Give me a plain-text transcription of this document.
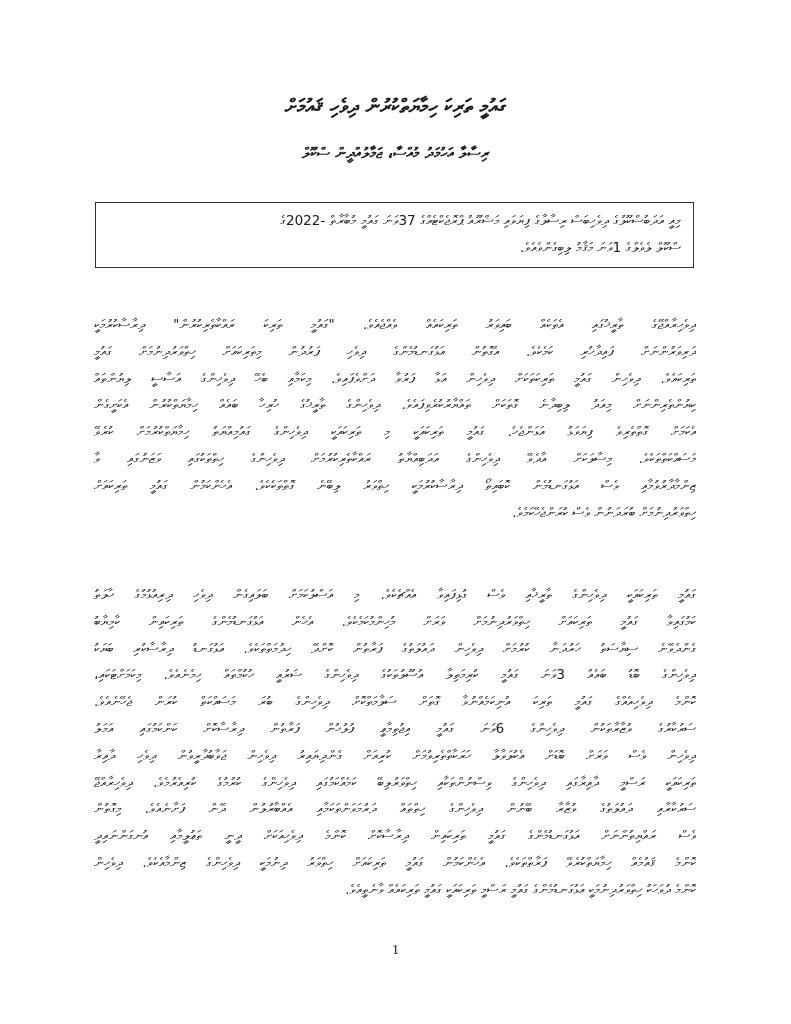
ގައުމީ ތަރިކަ ހިމާޔަތްކުރުން ދިވެހި ޤައުމަށް
ރިސާލާ އަހުމަދު މުއްސާ، ޖަމާލުއްދީން ސްކޫލް
މިއީ އަދަބުސްކޫލުގެ ދިވެހިބަސް ރިސާލާގެ ފިޔަވައި މަޝްރޫއު ޕްރޮޖެކްޓެއްގެ 37ވަނަ ގައުމީ މުބާރާތް -2022ގެ
ސްކޫލް ލެވެލްގެ 1ވަނަ މަޤާމު ލިބިގެންވެއެވެ.
ދިވެހިރާއްޖޭގެ ތާރީޚުގައި އެތަކެއް ބައިވަރު ތަރިކައެއް ވެއްޖެއެވެ. "ގައުމީ ތަރިކަ ރައްކާތެރިކުރުން" ދިރާސާކުރުމަކީ
ދަރިވަރުންނަށް ފައިދާހުރި ކަމެކެވެ. އެގޮތުން އަޅުގަނޑުމެންގެ ދިވެހި ފަރުދުން މިތަރިކައަށް ހިތްވަރުދިނުމަށް ގައުމީ
ތަރިކައެވެ. ދިވެހިން ގައުމީ ތަރިކަތަކަށް ދިވެހިން އަޅާ ފަރުވާ ދަށްވެފައިވެ. މިކަމާއި ބެހޭ ދިވެހިންގެ އަސާސީ ލިޔުންތައް
ކިޔުންތެރިންނަށް މިއަދު ލިބިދާނެ ގޮތަކަށް ތައްޔާރުކުރެވިފައެވެ. ދިވެހިންގެ ތާރީޚުގެ ހުރިހާ ބައެއް ހިމާޔަތްކުރުން އެކަށީގެން
އެކަމަށް ގޮތްތެރިވެ ފިޔަވަޅު އަޅަންޖެހެ. ގައުމީ ތަރިކައަކީ މި ތަރިކައަކީ ދިވެހިންގެ ގައުމިއްޔަތު ހިމާޔަތްކުރުމަށް ކުރެވޭ
މަސައްކަތްތަކެވެ. މިސާލަކަށް އާދެވޭ ދިވެހިންގެ އަދަބިއްޔާތު ރައްކާތެރިކުރުމަށް ދިވެހިންގެ ހިތްތަކުގައި ވަޒަނުގައި ވާ
ޒިންމާދާރުވުމާއި ވެސް އަޅުގަނޑުމެން ކޮބައިތޯ ދިރާސާކުރުމަކީ ހިތްވަރު ލިބޭނެ ގޮތްތަކެކެވެ. އެހެންކަމުން ގައުމީ ތަރިކައަށް
ހިތްވަރުދިނުމަށް ބުރަދަނުން ވެސް ކުރަންޖެހޭކަމެވެ.
ގައުމީ ތަރިކައަކީ ދިވެހިންގެ ތާރީޚާއި ވެސް ގުޅިފައިވާ އެއްޗެކެވެ. މި އަސްލުކަމަށް ބަލައިގެން ދިވެހި ދިރިއުޅުމުގެ ހާލަތު
ކަމުގައިވާ ގައުމީ ތަރިކައަށް ހިތްވަރުދިނުމަށް ވަރަށް މުހިންމުކަމެކެވެ. އެހެން އަޅުގަނޑުމެންގެ ތަރިކައިން ކާމިޔާބު
ގެންދެވޭނެ ސިޔާސަތު ހަރުދަނާ ކުރުމަށް ދިވެހިން ދައުލަތުގެ ފަރާތުން ކޮށްދޭ ހިދުމަތްތަކެވެ. އަޅުގަނޑު ދިރާސާކުރި ބަޔަކު
ދިވެހިންގެ ބޮޑު ބައެއް 3ވަނަ ގައުމީ ކުރިމަތިލާ އުސޫލުތަކުގެ ދިވެހިންގެ ޝަރުއީ ހުކުމްތައް ހިމެނެއެވެ. މިކަމަށްޓަކައި،
ކޮންމެ ދިވެހިއެއްގެ ގައުމީ ތަރިކަ އުނިކަމެއްނުވާ ގޮތަށް ސަލާމަތްކޮށް ދިވެހިންގެ ބުރަ މަސައްކަތް ކުރަން ޖެހޭނެއެވެ.
ސަރުކާރުގެ ވުޒާރާތަކުން ދިވެހިންގެ 6ވަނަ ގައުމީ އިޖުތިމާޢީ ފުލުހުން ފަރާތުން ދިރާސާކޮށް ކަންކަމުގައި އަމަލު
ދިވެހިން ވެސް ވަރަށް ބޮޑަށް އެކުލަވާލާ ހަރަކާތްތެރިވުމަށް ކުރިއަށް ގެންދިޔައިރު ދިވެހިން ޖަވާބުދާރީވުން ދިވެހި ދާއިރާ
ތަރިކައަކީ ރަސްމީ ދާއިރާގައި ދިވެހިންގެ ވިސްނުންތަކާއި ހިތްވަރުލިބޭ ކަމެއްކަމުގައި ދިވެހިންގެ ކުރުމުގެ ކުރިއެރުމެވެ. ދިވެހިރާއްޖޭ
ސަރުކާރާއި ދައުލަތުގެ ވުޒާރާ ބޭނުން ދިވެހިންގެ ހިތްތައް ދަރުމަވަންތަކަމާއި އެއްބާރުލުން ދޭން ފަށާނެއެވެ. މިގޮތުން
ވެސް ރައްޔިތުންނަށް އަޅުގަނޑުމެންގެ ގައުމީ ތަރިކައިން ދިރާސާކޮށް ކޮންމެ ދިވެހިއަކަށް ދީނީ ތަޢުލީމާއި އުނގަންނައިދީ
ކޮންމެ ޤައުމެއް ހިމާޔަތްކުރެވޭ ފަރާތްތަކެވެ. އެހެންކަމުން ގައުމީ ތަރިކައަށް ހިތްވަރު ދިނުމަކީ ދިވެހިންގެ ޒިންމާއެކެވެ. ދިވެހިން
ކޮންމެ ދުވަހަކު ހިތްވަރުދިނުމަކީ އަޅުގަނޑުމެންގެ ގައުމީ ރަސްމީ ތަރިކައަކީ ގައުމީ ތަރިކައެއް ވާނެތީއެވެ.
1
